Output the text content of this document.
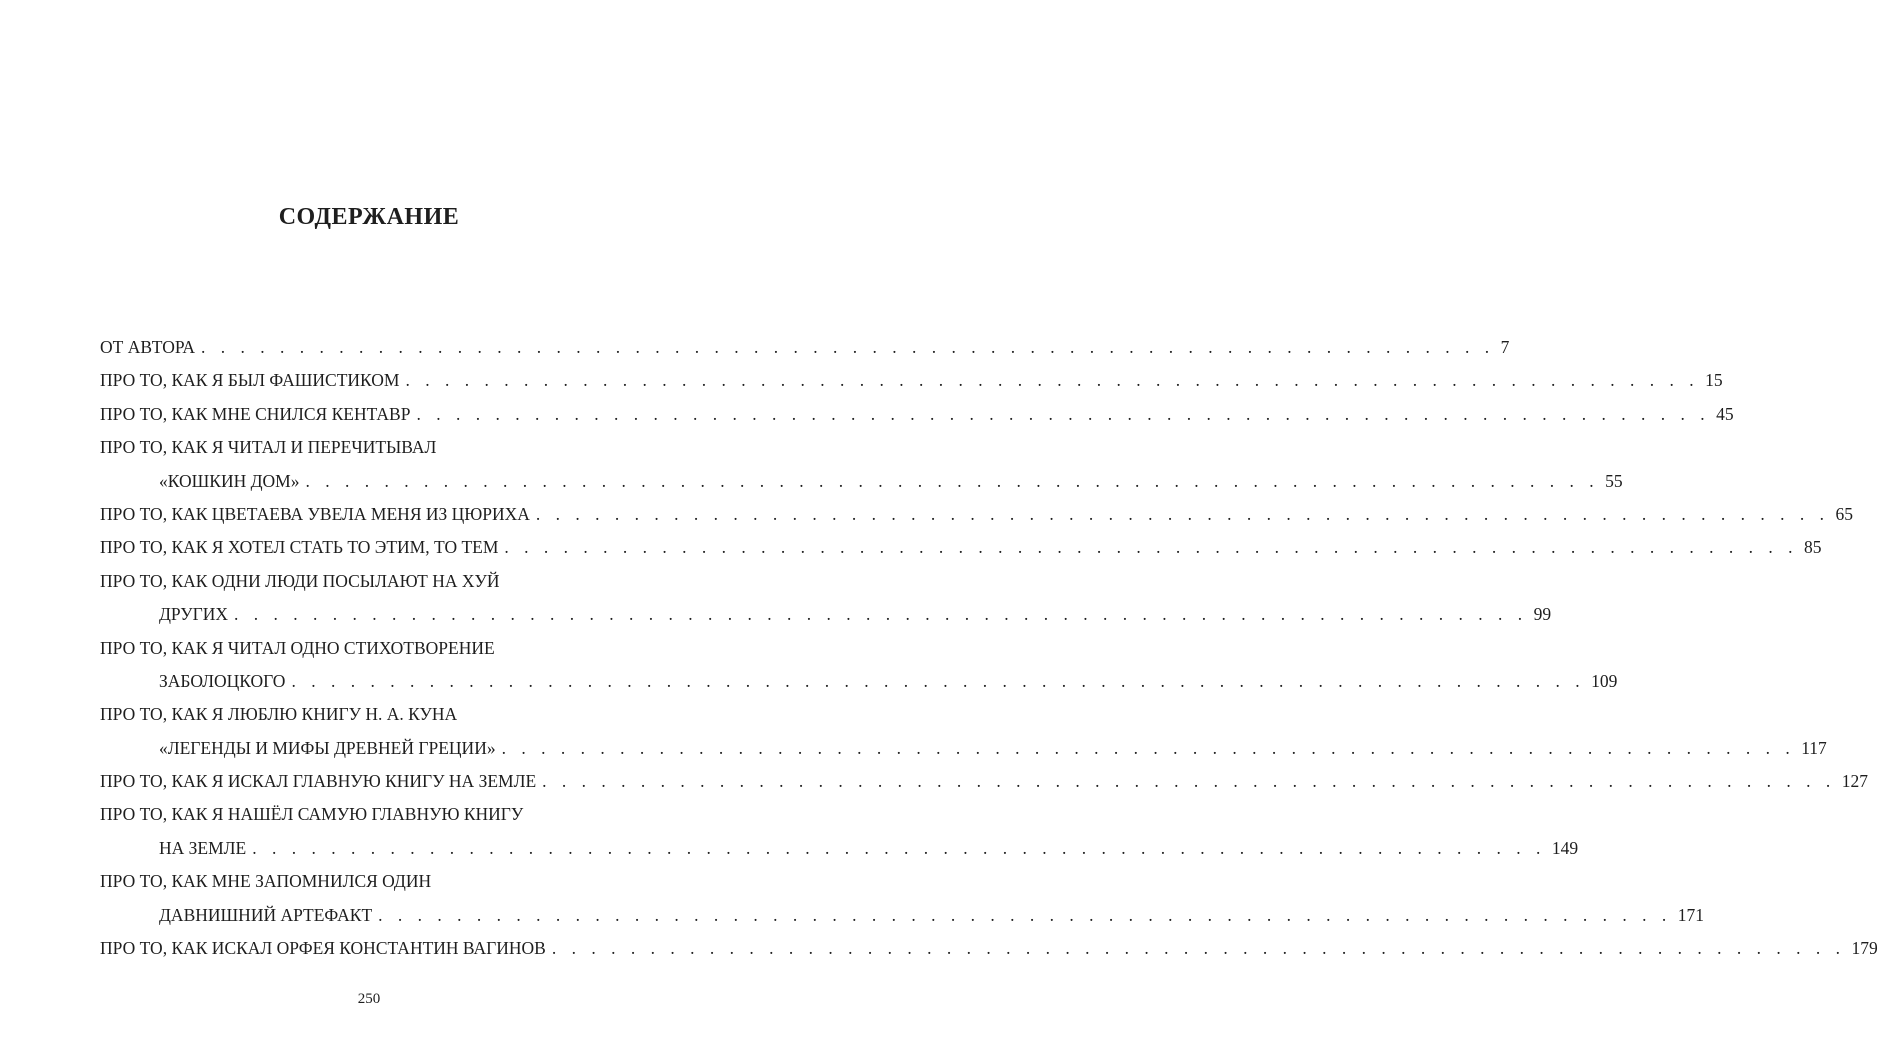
СОДЕРЖАНИЕ
ОТ АВТОРА . . . . . . . . . . . . . . . . . . . . . . . . . . . . . . . . . . . . . . . . . . . . . . . . . . . . . . . . . . . . . . . . . . 7
ПРО ТО, КАК Я БЫЛ ФАШИСТИКОМ . . . . . . . . . . . . . . . . . . . . . . . . . . . . . . . . . . . . . . . . . . . . . . . . . . . . . . . . . . . . . . . . . . 15
ПРО ТО, КАК МНЕ СНИЛСЯ КЕНТАВР . . . . . . . . . . . . . . . . . . . . . . . . . . . . . . . . . . . . . . . . . . . . . . . . . . . . . . . . . . . . . . . . . . 45
ПРО ТО, КАК Я ЧИТАЛ И ПЕРЕЧИТЫВАЛ
«КОШКИН ДОМ» . . . . . . . . . . . . . . . . . . . . . . . . . . . . . . . . . . . . . . . . . . . . . . . . . . . . . . . . . . . . . . . . . . 55
ПРО ТО, КАК ЦВЕТАЕВА УВЕЛА МЕНЯ ИЗ ЦЮРИХА . . . . . . . . . . . . . . . . . . . . . . . . . . . . . . . . . . . . . . . . . . . . . . . . . . . . . . . . . . . . . . . . . . 65
ПРО ТО, КАК Я ХОТЕЛ СТАТЬ ТО ЭТИМ, ТО ТЕМ . . . . . . . . . . . . . . . . . . . . . . . . . . . . . . . . . . . . . . . . . . . . . . . . . . . . . . . . . . . . . . . . . . 85
ПРО ТО, КАК ОДНИ ЛЮДИ ПОСЫЛАЮТ НА ХУЙ
ДРУГИХ . . . . . . . . . . . . . . . . . . . . . . . . . . . . . . . . . . . . . . . . . . . . . . . . . . . . . . . . . . . . . . . . . . 99
ПРО ТО, КАК Я ЧИТАЛ ОДНО СТИХОТВОРЕНИЕ
ЗАБОЛОЦКОГО . . . . . . . . . . . . . . . . . . . . . . . . . . . . . . . . . . . . . . . . . . . . . . . . . . . . . . . . . . . . . . . . . . 109
ПРО ТО, КАК Я ЛЮБЛЮ КНИГУ Н. А. КУНА
«ЛЕГЕНДЫ И МИФЫ ДРЕВНЕЙ ГРЕЦИИ» . . . . . . . . . . . . . . . . . . . . . . . . . . . . . . . . . . . . . . . . . . . . . . . . . . . . . . . . . . . . . . . . . . 117
ПРО ТО, КАК Я ИСКАЛ ГЛАВНУЮ КНИГУ НА ЗЕМЛЕ . . . . . . . . . . . . . . . . . . . . . . . . . . . . . . . . . . . . . . . . . . . . . . . . . . . . . . . . . . . . . . . . . . 127
ПРО ТО, КАК Я НАШЁЛ САМУЮ ГЛАВНУЮ КНИГУ
НА ЗЕМЛЕ . . . . . . . . . . . . . . . . . . . . . . . . . . . . . . . . . . . . . . . . . . . . . . . . . . . . . . . . . . . . . . . . . . 149
ПРО ТО, КАК МНЕ ЗАПОМНИЛСЯ ОДИН
ДАВНИШНИЙ АРТЕФАКТ . . . . . . . . . . . . . . . . . . . . . . . . . . . . . . . . . . . . . . . . . . . . . . . . . . . . . . . . . . . . . . . . . . 171
ПРО ТО, КАК ИСКАЛ ОРФЕЯ КОНСТАНТИН ВАГИНОВ . . . . . . . . . . . . . . . . . . . . . . . . . . . . . . . . . . . . . . . . . . . . . . . . . . . . . . . . . . . . . . . . . . 179
250
